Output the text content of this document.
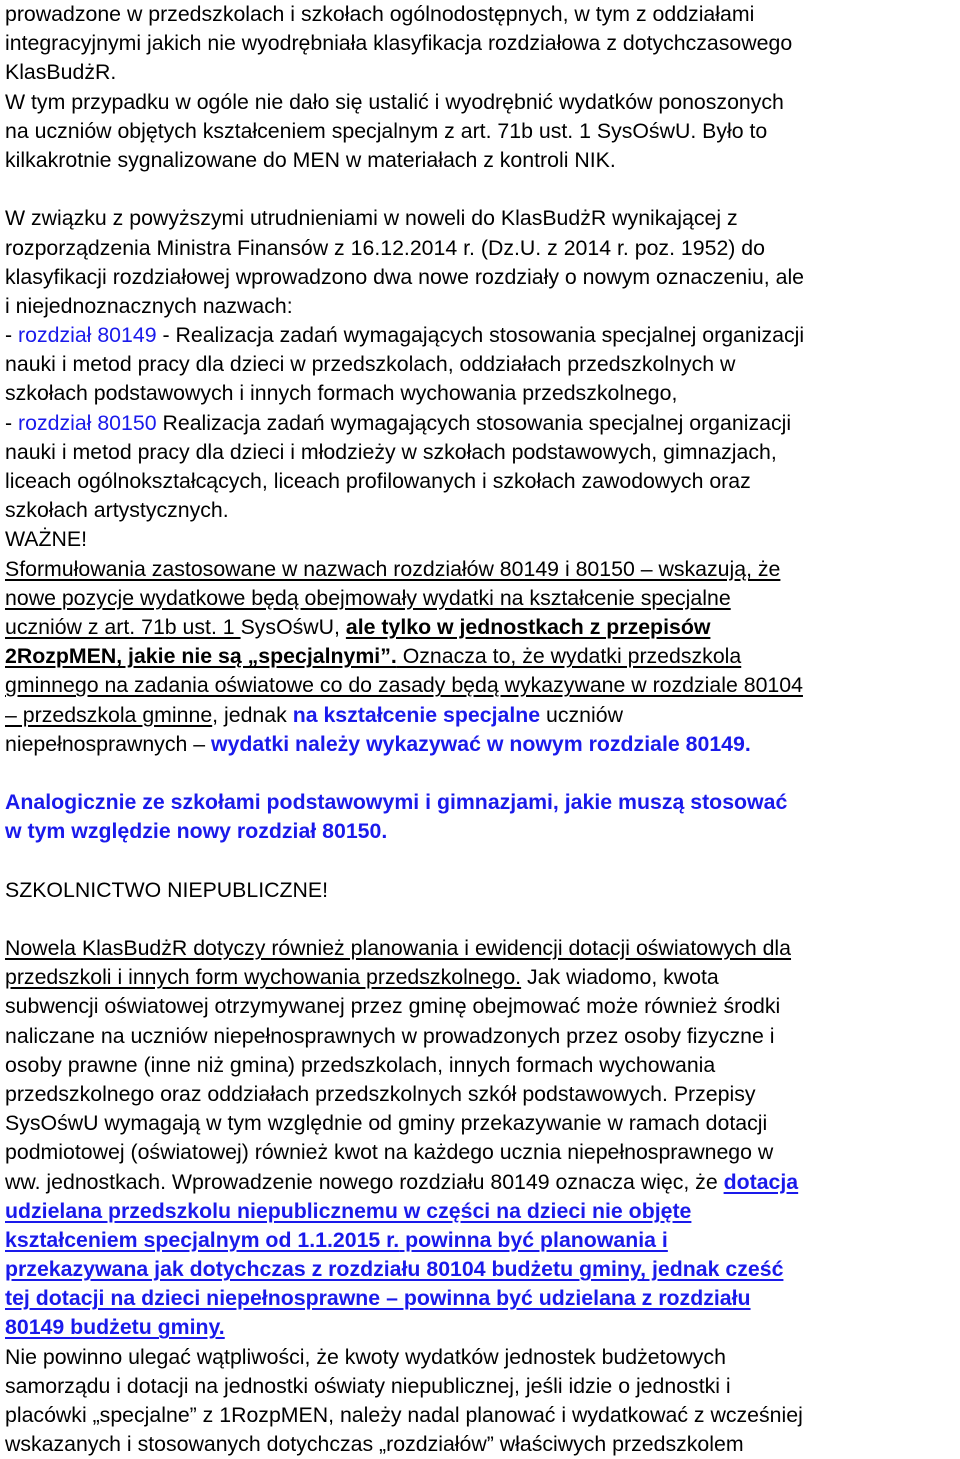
prowadzone w przedszkolach i szkołach ogólnodostępnych, w tym z oddziałami
integracyjnymi jakich nie wyodrębniała klasyfikacja rozdziałowa z dotychczasowego
KlasBudżR.
W tym przypadku w ogóle nie dało się ustalić i wyodrębnić wydatków ponoszonych
na uczniów objętych kształceniem specjalnym z art. 71b ust. 1 SysOśwU. Było to
kilkakrotnie sygnalizowane do MEN w materiałach z kontroli NIK.
W związku z powyższymi utrudnieniami w noweli do KlasBudżR wynikającej z
rozporządzenia Ministra Finansów z 16.12.2014 r. (Dz.U. z 2014 r. poz. 1952) do
klasyfikacji rozdziałowej wprowadzono dwa nowe rozdziały o nowym oznaczeniu, ale
i niejednoznacznych nazwach:
- rozdział 80149 - Realizacja zadań wymagających stosowania specjalnej organizacji
nauki i metod pracy dla dzieci w przedszkolach, oddziałach przedszkolnych w
szkołach podstawowych i innych formach wychowania przedszkolnego,
- rozdział 80150 Realizacja zadań wymagających stosowania specjalnej organizacji
nauki i metod pracy dla dzieci i młodzieży w szkołach podstawowych, gimnazjach,
liceach ogólnokształcących, liceach profilowanych i szkołach zawodowych oraz
szkołach artystycznych.
WAŻNE!
Sformułowania zastosowane w nazwach rozdziałów 80149 i 80150 – wskazują, że
nowe pozycje wydatkowe będą obejmowały wydatki na kształcenie specjalne
uczniów z art. 71b ust. 1 SysOśwU, ale tylko w jednostkach z przepisów
2RozpMEN, jakie nie są „specjalnymi”. Oznacza to, że wydatki przedszkola
gminnego na zadania oświatowe co do zasady będą wykazywane w rozdziale 80104
– przedszkola gminne, jednak na kształcenie specjalne uczniów
niepełnosprawnych – wydatki należy wykazywać w nowym rozdziale 80149.
Analogicznie ze szkołami podstawowymi i gimnazjami, jakie muszą stosować
w tym względzie nowy rozdział 80150.
SZKOLNICTWO NIEPUBLICZNE!
Nowela KlasBudżR dotyczy również planowania i ewidencji dotacji oświatowych dla
przedszkoli i innych form wychowania przedszkolnego. Jak wiadomo, kwota
subwencji oświatowej otrzymywanej przez gminę obejmować może również środki
naliczane na uczniów niepełnosprawnych w prowadzonych przez osoby fizyczne i
osoby prawne (inne niż gmina) przedszkolach, innych formach wychowania
przedszkolnego oraz oddziałach przedszkolnych szkół podstawowych. Przepisy
SysOśwU wymagają w tym względnie od gminy przekazywanie w ramach dotacji
podmiotowej (oświatowej) również kwot na każdego ucznia niepełnosprawnego w
ww. jednostkach. Wprowadzenie nowego rozdziału 80149 oznacza więc, że dotacja
udzielana przedszkolu niepublicznemu w części na dzieci nie objęte
kształceniem specjalnym od 1.1.2015 r. powinna być planowania i
przekazywana jak dotychczas z rozdziału 80104 budżetu gminy, jednak cześć
tej dotacji na dzieci niepełnosprawne – powinna być udzielana z rozdziału
80149 budżetu gminy.
Nie powinno ulegać wątpliwości, że kwoty wydatków jednostek budżetowych
samorządu i dotacji na jednostki oświaty niepublicznej, jeśli idzie o jednostki i
placówki „specjalne” z 1RozpMEN, należy nadal planować i wydatkować z wcześniej
wskazanych i stosowanych dotychczas „rozdziałów” właściwych przedszkolem
